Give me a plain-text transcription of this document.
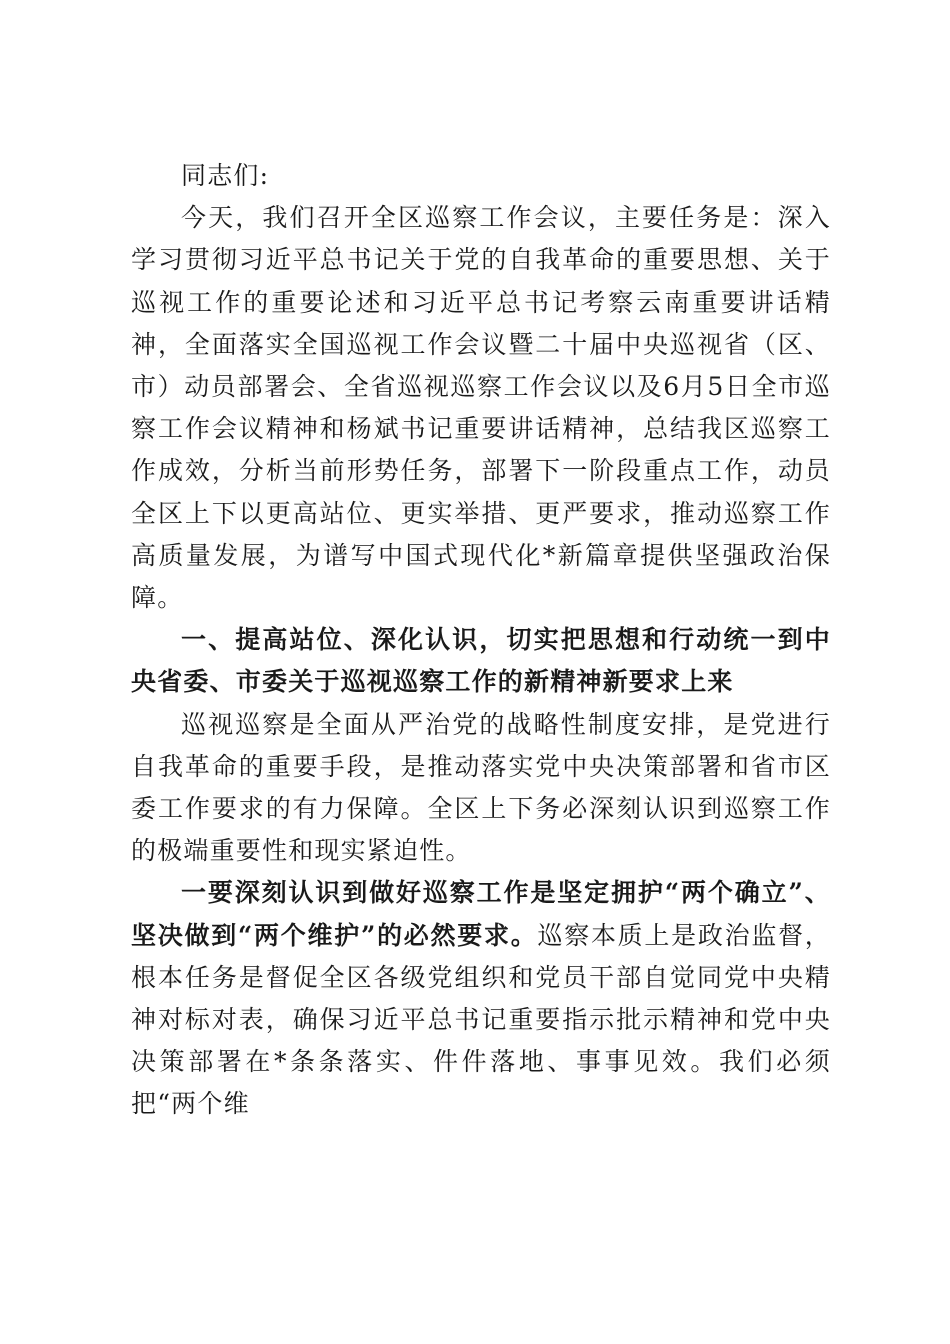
同志们:

今天，我们召开全区巡察工作会议，主要任务是：深入学习贯彻习近平总书记关于党的自我革命的重要思想、关于巡视工作的重要论述和习近平总书记考察云南重要讲话精神，全面落实全国巡视工作会议暨二十届中央巡视省（区、市）动员部署会、全省巡视巡察工作会议以及6月5日全市巡察工作会议精神和杨斌书记重要讲话精神，总结我区巡察工作成效，分析当前形势任务，部署下一阶段重点工作，动员全区上下以更高站位、更实举措、更严要求，推动巡察工作高质量发展，为谱写中国式现代化*新篇章提供坚强政治保障。

一、提高站位、深化认识，切实把思想和行动统一到中央省委、市委关于巡视巡察工作的新精神新要求上来

巡视巡察是全面从严治党的战略性制度安排，是党进行自我革命的重要手段，是推动落实党中央决策部署和省市区委工作要求的有力保障。全区上下务必深刻认识到巡察工作的极端重要性和现实紧迫性。

一要深刻认识到做好巡察工作是坚定拥护“两个确立”、坚决做到“两个维护”的必然要求。巡察本质上是政治监督，根本任务是督促全区各级党组织和党员干部自觉同党中央精神对标对表，确保习近平总书记重要指示批示精神和党中央决策部署在*条条落实、件件落地、事事见效。我们必须把“两个维
